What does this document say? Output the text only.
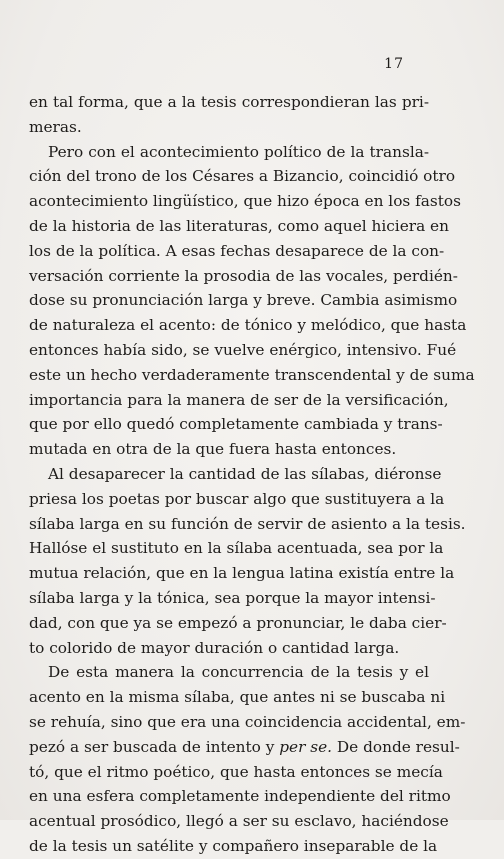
17
en tal forma, que a la tesis correspondieran las pri-
meras.
Pero con el acontecimiento político de la transla-
ción del trono de los Césares a Bizancio, coincidió otro
acontecimiento lingüístico, que hizo época en los fastos
de la historia de las literaturas, como aquel hiciera en
los de la política. A esas fechas desaparece de la con-
versación corriente la prosodia de las vocales, perdién-
dose su pronunciación larga y breve. Cambia asimismo
de naturaleza el acento: de tónico y melódico, que hasta
entonces había sido, se vuelve enérgico, intensivo. Fué
este un hecho verdaderamente transcendental y de suma
importancia para la manera de ser de la versificación,
que por ello quedó completamente cambiada y trans-
mutada en otra de la que fuera hasta entonces.
Al desaparecer la cantidad de las sílabas, diéronse
priesa los poetas por buscar algo que sustituyera a la
sílaba larga en su función de servir de asiento a la tesis.
Hallóse el sustituto en la sílaba acentuada, sea por la
mutua relación, que en la lengua latina existía entre la
sílaba larga y la tónica, sea porque la mayor intensi-
dad, con que ya se empezó a pronunciar, le daba cier-
to colorido de mayor duración o cantidad larga.
De esta manera la concurrencia de la tesis y el
acento en la misma sílaba, que antes ni se buscaba ni
se rehuía, sino que era una coincidencia accidental, em-
pezó a ser buscada de intento y per se. De donde resul-
tó, que el ritmo poético, que hasta entonces se mecía
en una esfera completamente independiente del ritmo
acentual prosódico, llegó a ser su esclavo, haciéndose
de la tesis un satélite y compañero inseparable de la
